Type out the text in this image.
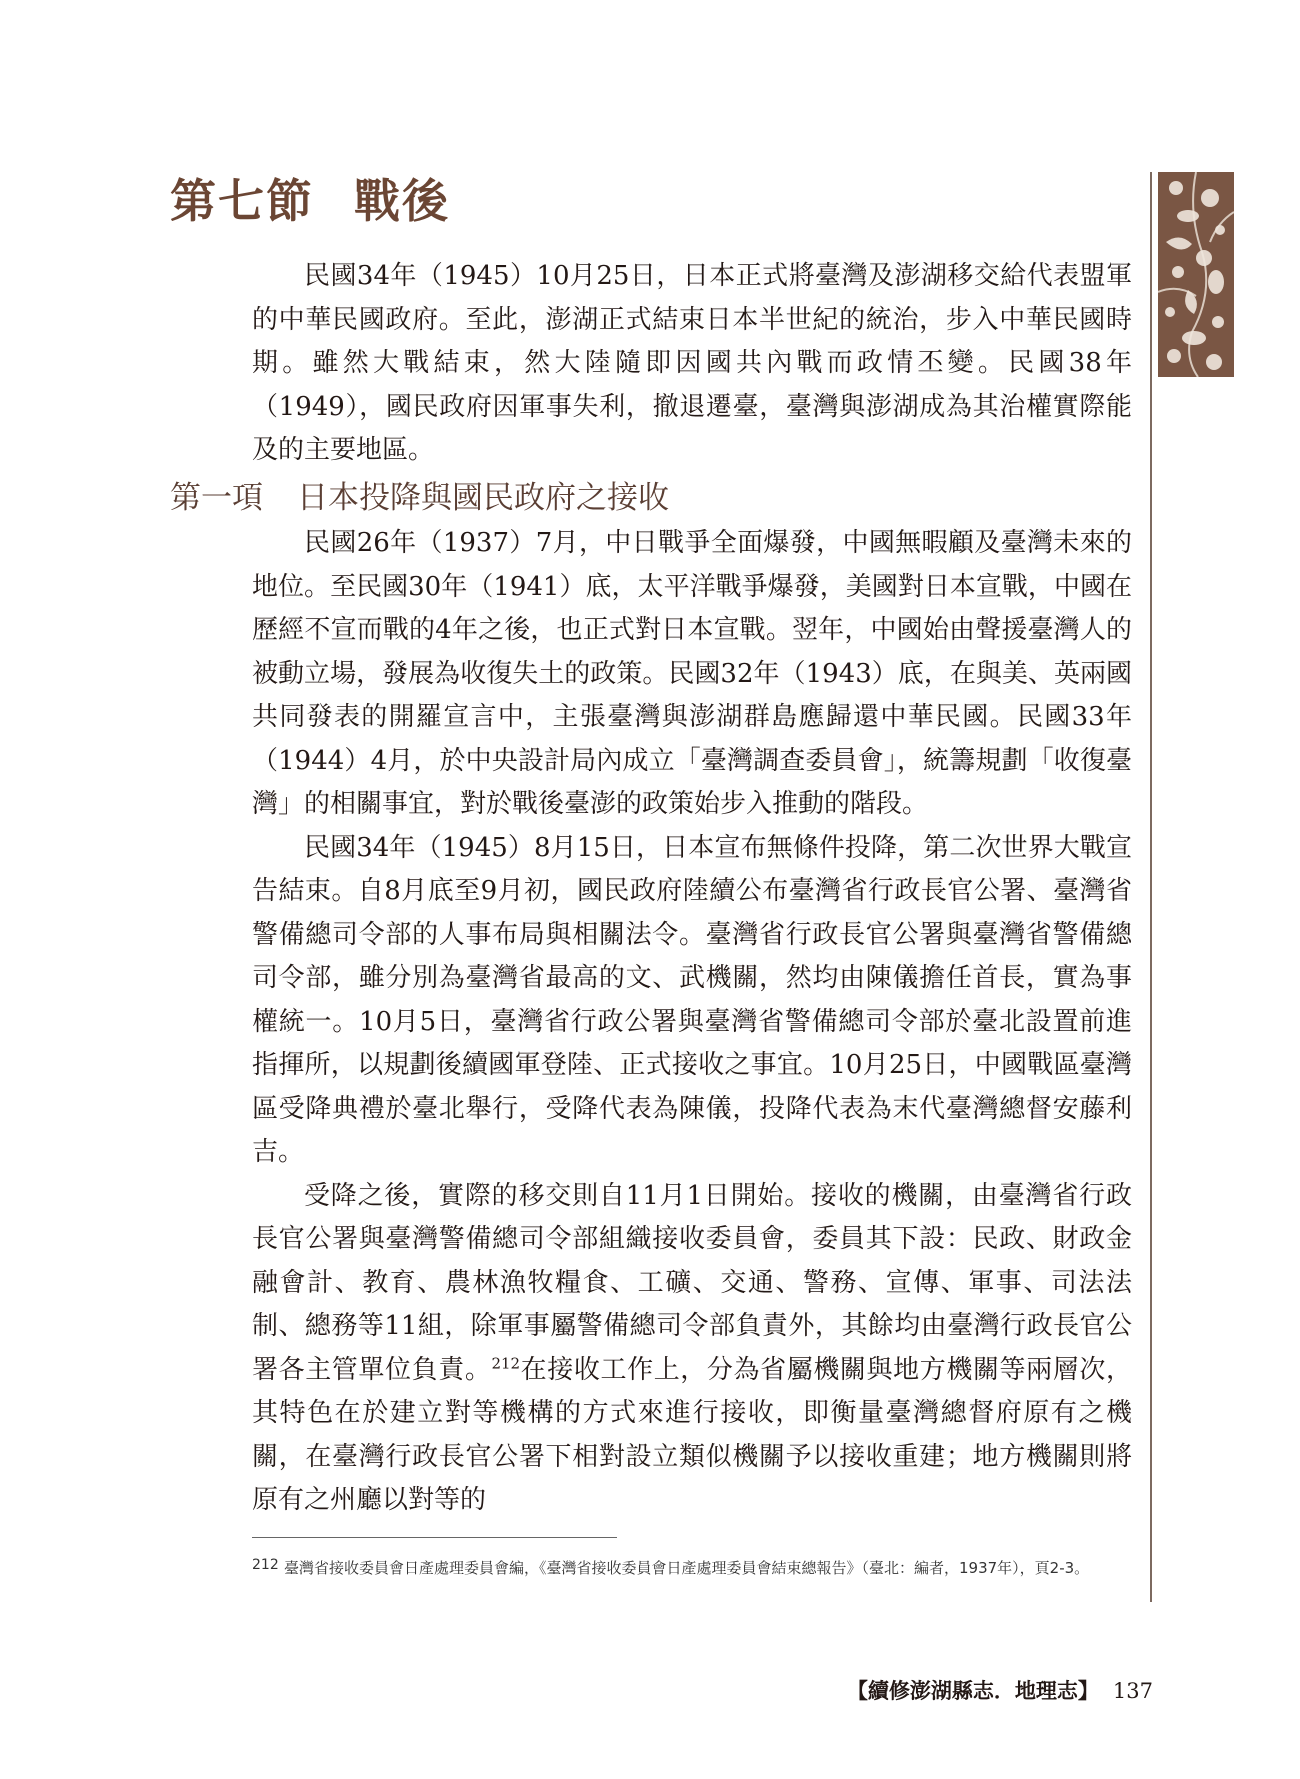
第七節 戰後

民國34年（1945）10月25日，日本正式將臺灣及澎湖移交給代表盟軍的中華民國政府。至此，澎湖正式結束日本半世紀的統治，步入中華民國時期。雖然大戰結束，然大陸隨即因國共內戰而政情丕變。民國38年（1949），國民政府因軍事失利，撤退遷臺，臺灣與澎湖成為其治權實際能及的主要地區。

第一項 日本投降與國民政府之接收

民國26年（1937）7月，中日戰爭全面爆發，中國無暇顧及臺灣未來的地位。至民國30年（1941）底，太平洋戰爭爆發，美國對日本宣戰，中國在歷經不宣而戰的4年之後，也正式對日本宣戰。翌年，中國始由聲援臺灣人的被動立場，發展為收復失土的政策。民國32年（1943）底，在與美、英兩國共同發表的開羅宣言中，主張臺灣與澎湖群島應歸還中華民國。民國33年（1944）4月，於中央設計局內成立「臺灣調查委員會」，統籌規劃「收復臺灣」的相關事宜，對於戰後臺澎的政策始步入推動的階段。

民國34年（1945）8月15日，日本宣布無條件投降，第二次世界大戰宣告結束。自8月底至9月初，國民政府陸續公布臺灣省行政長官公署、臺灣省警備總司令部的人事布局與相關法令。臺灣省行政長官公署與臺灣省警備總司令部，雖分別為臺灣省最高的文、武機關，然均由陳儀擔任首長，實為事權統一。10月5日，臺灣省行政公署與臺灣省警備總司令部於臺北設置前進指揮所，以規劃後續國軍登陸、正式接收之事宜。10月25日，中國戰區臺灣區受降典禮於臺北舉行，受降代表為陳儀，投降代表為末代臺灣總督安藤利吉。

受降之後，實際的移交則自11月1日開始。接收的機關，由臺灣省行政長官公署與臺灣警備總司令部組織接收委員會，委員其下設：民政、財政金融會計、教育、農林漁牧糧食、工礦、交通、警務、宣傳、軍事、司法法制、總務等11組，除軍事屬警備總司令部負責外，其餘均由臺灣行政長官公署各主管單位負責。$^{212}$在接收工作上，分為省屬機關與地方機關等兩層次，其特色在於建立對等機構的方式來進行接收，即衡量臺灣總督府原有之機關，在臺灣行政長官公署下相對設立類似機關予以接收重建；地方機關則將原有之州廳以對等的

212 臺灣省接收委員會日產處理委員會編，《臺灣省接收委員會日產處理委員會結束總報告》（臺北：編者，1937年），頁2-3。
【續修澎湖縣志．地理志】 137
